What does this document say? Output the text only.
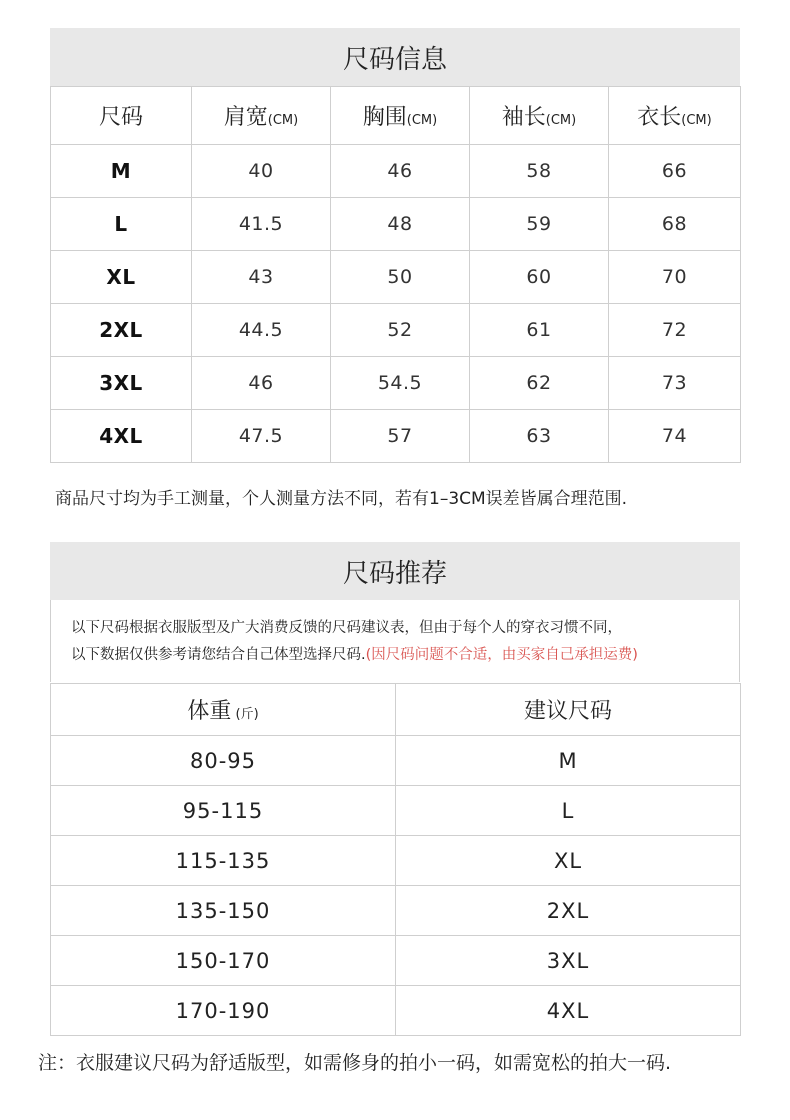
尺码信息
尺码	肩宽(CM)	胸围(CM)	袖长(CM)	衣长(CM)
M	40	46	58	66
L	41.5	48	59	68
XL	43	50	60	70
2XL	44.5	52	61	72
3XL	46	54.5	62	73
4XL	47.5	57	63	74
商品尺寸均为手工测量，个人测量方法不同，若有1–3CM误差皆属合理范围.
尺码推荐
以下尺码根据衣服版型及广大消费反馈的尺码建议表，但由于每个人的穿衣习惯不同，
以下数据仅供参考请您结合自己体型选择尺码.(因尺码问题不合适，由买家自己承担运费)
体重 (斤)	建议尺码
80-95	M
95-115	L
115-135	XL
135-150	2XL
150-170	3XL
170-190	4XL
注：衣服建议尺码为舒适版型，如需修身的拍小一码，如需宽松的拍大一码.
